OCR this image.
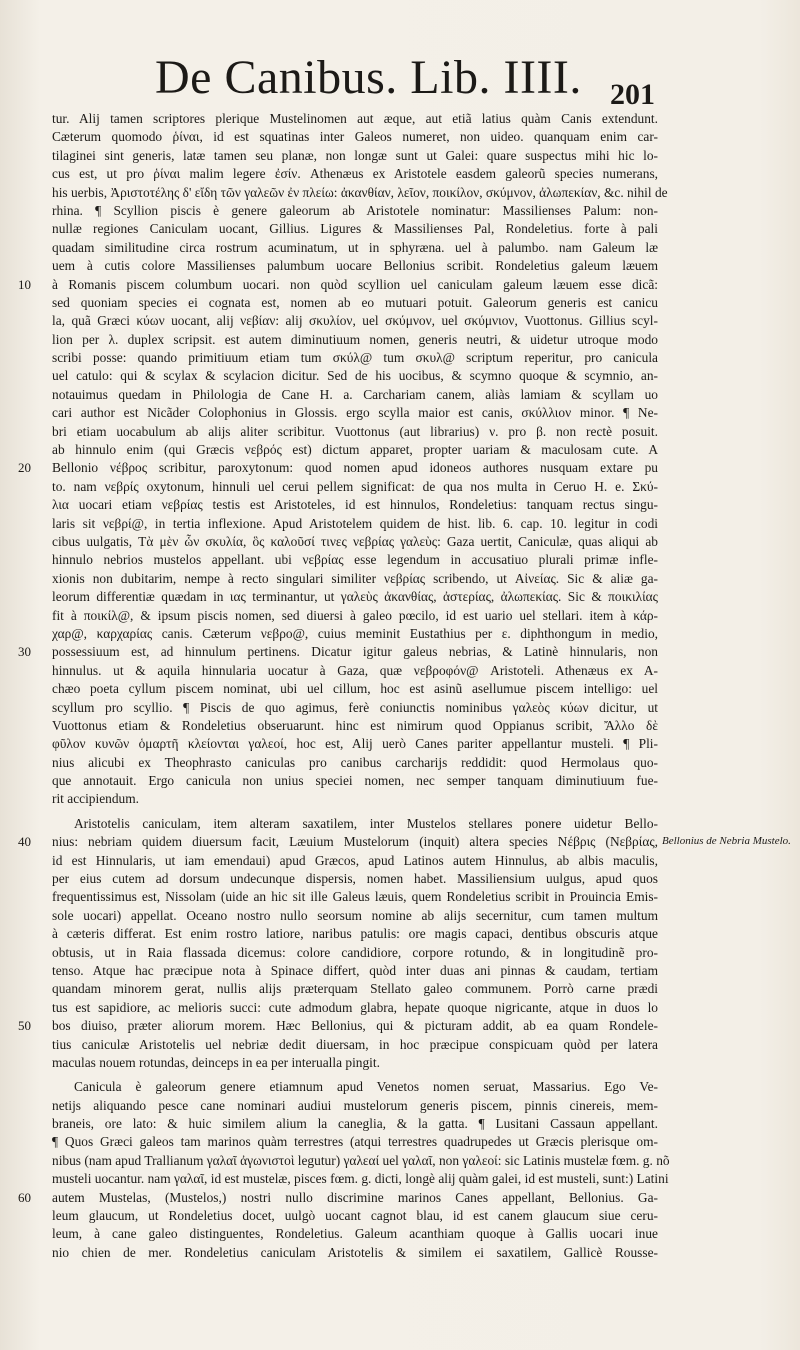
De Canibus. Lib. IIII. 201
tur. Alij tamen scriptores plerique Mustelinomen aut æque, aut etiã latius quàm Canis extendunt.
Cæterum quomodo ῥίναι, id est squatinas inter Galeos numeret, non uideo. quanquam enim car-
tilaginei sint generis, latæ tamen seu planæ, non longæ sunt ut Galei: quare suspectus mihi hic lo-
cus est, ut pro ῥίναι malim legere ἐσίν. Athenæus ex Aristotele easdem galeorũ species numerans,
his uerbis, Ἀριστοτέλης δ' εἴδη τῶν γαλεῶν ἐν πλείω: ἀκανθίαν, λεῖον, ποικίλον, σκύμνον, ἀλωπεκίαν, &c. nihil de
rhina. ¶ Scyllion piscis è genere galeorum ab Aristotele nominatur: Massilienses Palum: non-
nullæ regiones Caniculam uocant, Gillius. Ligures & Massilienses Pal, Rondeletius. forte à pali
quadam similitudine circa rostrum acuminatum, ut in sphyræna. uel à palumbo. nam Galeum læ
uem à cutis colore Massilienses palumbum uocare Bellonius scribit. Rondeletius galeum læuem
10	à Romanis piscem columbum uocari. non quòd scyllion uel caniculam galeum læuem esse dicã:
sed quoniam species ei cognata est, nomen ab eo mutuari potuit. Galeorum generis est canicu
la, quã Græci κύων uocant, alij νεβίαν: alij σκυλίον, uel σκύμνον, uel σκύμνιον, Vuottonus. Gillius scyl-
lion per λ. duplex scripsit. est autem diminutiuum nomen, generis neutri, & uidetur utroque modo
scribi posse: quando primitiuum etiam tum σκύλ@ tum σκυλ@ scriptum reperitur, pro canicula
uel catulo: qui & scylax & scylacion dicitur. Sed de his uocibus, & scymno quoque & scymnio, an-
notauimus quedam in Philologia de Cane H. a. Carchariam canem, aliàs lamiam & scyllam uo
cari author est Nicãder Colophonius in Glossis. ergo scylla maior est canis, σκύλλιον minor. ¶ Ne-
bri etiam uocabulum ab alijs aliter scribitur. Vuottonus (aut librarius) ν. pro β. non rectè posuit.
ab hinnulo enim (qui Græcis νεβρός est) dictum apparet, propter uariam & maculosam cute. A
20	Bellonio νέβρος scribitur, paroxytonum: quod nomen apud idoneos authores nusquam extare pu
to. nam νεβρίς oxytonum, hinnuli uel cerui pellem significat: de qua nos multa in Ceruo H. e. Σκύ-
λια uocari etiam νεβρίας testis est Aristoteles, id est hinnulos, Rondeletius: tanquam rectus singu-
laris sit νεβρί@, in tertia inflexione. Apud Aristotelem quidem de hist. lib. 6. cap. 10. legitur in codi
cibus uulgatis, Τὰ μὲν ὧν σκυλία, ὃς καλοῦσί τινες νεβρίας γαλεὺς: Gaza uertit, Caniculæ, quas aliqui ab
hinnulo nebrios mustelos appellant. ubi νεβρίας esse legendum in accusatiuo plurali primæ infle-
xionis non dubitarim, nempe à recto singulari similiter νεβρίας scribendo, ut Αἰνείας. Sic & aliæ ga-
leorum differentiæ quædam in ιας terminantur, ut γαλεὺς ἀκανθίας, ἀστερίας, ἀλωπεκίας. Sic & ποικιλίας
fit à ποικίλ@, & ipsum piscis nomen, sed diuersi à galeo pœcilo, id est uario uel stellari. item à κάρ-
χαρ@, καρχαρίας canis. Cæterum νεβρο@, cuius meminit Eustathius per ε. diphthongum in medio,
30	possessiuum est, ad hinnulum pertinens. Dicatur igitur galeus nebrias, & Latinè hinnularis, non
hinnulus. ut & aquila hinnularia uocatur à Gaza, quæ νεβροφόν@ Aristoteli. Athenæus ex A-
chæo poeta cyllum piscem nominat, ubi uel cillum, hoc est asinũ asellumue piscem intelligo: uel
scyllum pro scyllio. ¶ Piscis de quo agimus, ferè coniunctis nominibus γαλεὸς κύων dicitur, ut
Vuottonus etiam & Rondeletius obseruarunt. hinc est nimirum quod Oppianus scribit, Ἄλλο δὲ
φῦλον κυνῶν ὁμαρτῆ κλείονται γαλεοί, hoc est, Alij uerò Canes pariter appellantur musteli. ¶ Pli-
nius alicubi ex Theophrasto caniculas pro canibus carcharijs reddidit: quod Hermolaus quo-
que annotauit. Ergo canicula non unius speciei nomen, nec semper tanquam diminutiuum fue-
rit accipiendum.
Aristotelis caniculam, item alteram saxatilem, inter Mustelos stellares ponere uidetur Bello-
40	nius: nebriam quidem diuersum facit, Læuium Mustelorum (inquit) altera species Νέβρις (Νεβρίας, Bellonius de Nebria Mustelo.
id est Hinnularis, ut iam emendaui) apud Græcos, apud Latinos autem Hinnulus, ab albis maculis,
per eius cutem ad dorsum undecunque dispersis, nomen habet. Massiliensium uulgus, apud quos
frequentissimus est, Nissolam (uide an hic sit ille Galeus læuis, quem Rondeletius scribit in Prouincia Emis-
sole uocari) appellat. Oceano nostro nullo seorsum nomine ab alijs secernitur, cum tamen multum
à cæteris differat. Est enim rostro latiore, naribus patulis: ore magis capaci, dentibus obscuris atque
obtusis, ut in Raia flassada dicemus: colore candidiore, corpore rotundo, & in longitudinẽ pro-
tenso. Atque hac præcipue nota à Spinace differt, quòd inter duas ani pinnas & caudam, tertiam
quandam minorem gerat, nullis alijs præterquam Stellato galeo communem. Porrò carne prædi
tus est sapidiore, ac melioris succi: cute admodum glabra, hepate quoque nigricante, atque in duos lo
50	bos diuiso, præter aliorum morem. Hæc Bellonius, qui & picturam addit, ab ea quam Rondele-
tius caniculæ Aristotelis uel nebriæ dedit diuersam, in hoc præcipue conspicuam quòd per latera
maculas nouem rotundas, deinceps in ea per interualla pingit.
Canicula è galeorum genere etiamnum apud Venetos nomen seruat, Massarius. Ego Ve-
netijs aliquando pesce cane nominari audiui mustelorum generis piscem, pinnis cinereis, mem-
braneis, ore lato: & huic similem alium la caneglia, & la gatta. ¶ Lusitani Cassaun appellant.
¶ Quos Græci galeos tam marinos quàm terrestres (atqui terrestres quadrupedes ut Græcis plerisque om-
nibus (nam apud Trallianum γαλαῖ ἀγωνιστοὶ legutur) γαλεαί uel γαλαῖ, non γαλεοί: sic Latinis mustelæ fœm. g. nõ
musteli uocantur. nam γαλαῖ, id est mustelæ, pisces fœm. g. dicti, longè alij quàm galei, id est musteli, sunt:) Latini
60	autem Mustelas, (Mustelos,) nostri nullo discrimine marinos Canes appellant, Bellonius. Ga-
leum glaucum, ut Rondeletius docet, uulgò uocant cagnot blau, id est canem glaucum siue ceru-
leum, à cane galeo distinguentes, Rondeletius. Galeum acanthiam quoque à Gallis uocari inue
nio chien de mer. Rondeletius caniculam Aristotelis & similem ei saxatilem, Gallicè Rousse-
